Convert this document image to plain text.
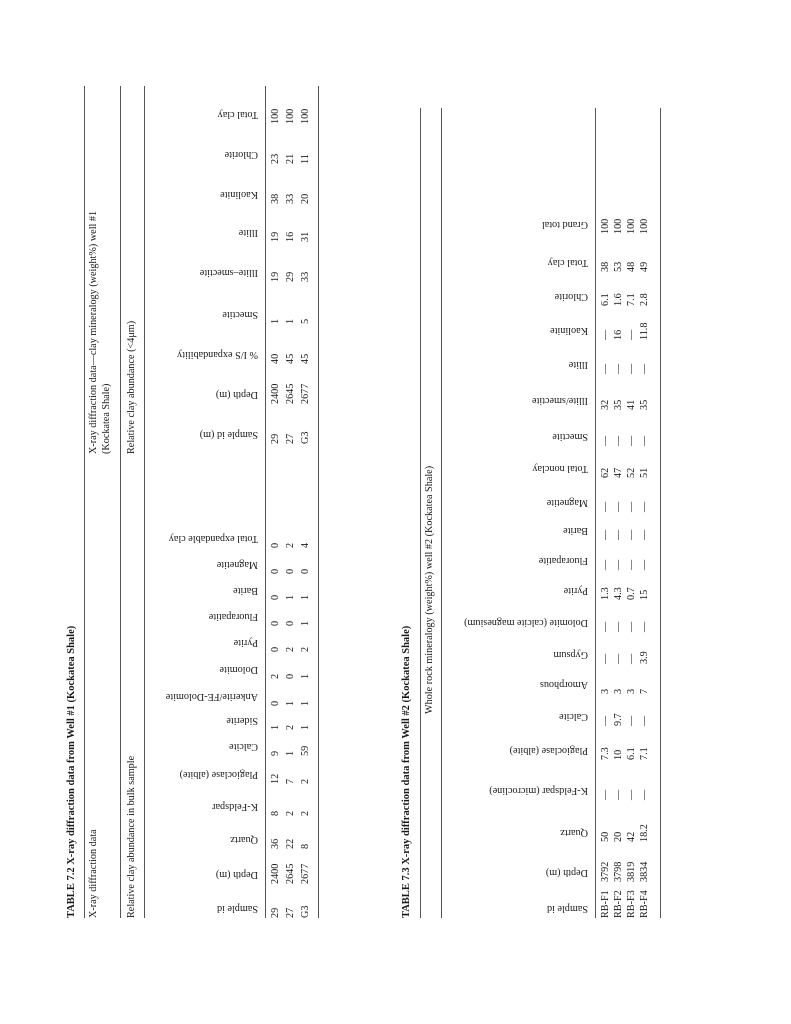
TABLE 7.2 X-ray diffraction data from Well #1 (Kockatea Shale) X-ray diffraction data
X-ray diffraction data—clay mineralogy (weight%) well #1 (Kockatea Shale)
Relative clay abundance in bulk sample
Relative clay abundance (<4μm)
Sample id
Depth (m)
Quartz
K-Feldspar
Plagioclase (albite)
Calcite
Siderite
Ankerite/FE-Dolomite
Dolomite
Pyrite
Fluorapatite
Barite
Magnetite
Total expandable clay
Sample id (m)
Depth (m)
% I/S expandability
Smectite
Illite–smectite
Illite
Kaolinite
Chlorite
Total clay
29
2400
36
8
12
9
1
0
2
0
0
0
0
0
27
2645
22
2
7
1
2
1
0
2
0
1
0
2
G3
2677
8
2
2
59
1
1
1
2
1
1
0
4
29
2400
40
1
19
19
38
23
100
27
2645
45
1
29
16
33
21
100
G3
2677
45
5
33
31
20
11
100
TABLE 7.3 X-ray diffraction data from Well #2 (Kockatea Shale)
Whole rock mineralogy (weight%) well #2 (Kockatea Shale)
Sample id
Depth (m)
Quartz
K-Feldspar (microcline)
Plagioclase (albite)
Calcite
Amorphous
Gypsum
Dolomite (calcite magnesium)
Pyrite
Fluorapatite
Barite
Magnetite
Total nonclay
Smectite
Illite/smectite
Illite
Kaolinite
Chlorite
Total clay
Grand total
RB-F1
3792
50
—
7.3
—
3
—
—
1.3
—
—
—
62
—
32
—
—
6.1
38
100
RB-F2
3798
20
—
10
9.7
3
—
—
4.3
—
—
—
47
—
35
—
16
1.6
53
100
RB-F3
3819
42
—
6.1
—
3
—
—
0.7
—
—
—
52
—
41
—
—
7.1
48
100
RB-F4
3834
18.2
—
7.1
—
7
3.9
—
15
—
—
—
51
—
35
—
11.8
2.8
49
100
